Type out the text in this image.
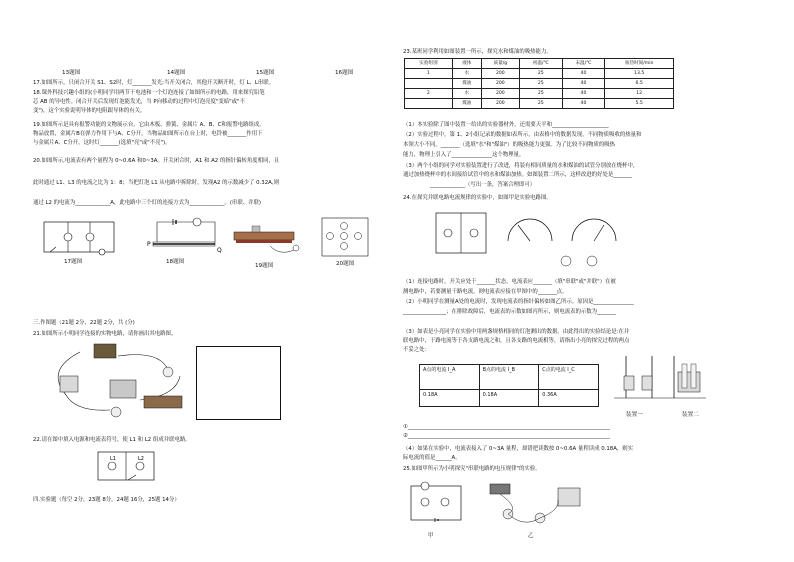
13题图	14题图	15题图	16题图
17.如图所示，只闭合开关 S1、S2时，灯_______发光;当开关闭合，其他开关断开时，灯 L、L串联。
18.课外科技兴趣小组的(小明同学用两节干电池和一个灯泡连接了如图所示的电路，用来探究铅笔
芯 AB 的导电性。闭合开关后发现灯泡能发光，当 P向移动的过程中灯泡亮度"变暗"或"不
变")，这个实验说明导体的电阻跟导体的有关。
19.如图所示是具有报警功能的文物展示台，它由木板、弹簧、金属片 A、B、C和报警电路组成。
物品放置，金属片B在弹力作用下与A、C分开，当物品如图所示在台上时，电铃被_______作用下
与金属片A、C分开，这时灯_______(选填"亮"或"不亮")。
20.如图所示,电流表有两个量程为 0~0.6A 和0~3A。开关闭合时，A1 和 A2 的指针偏转角度相同，且
此时通过 L1、L3 的电流之比为 1：8；当把灯泡 L1 从电路中拆除时，发现A2 的示数减少了 0.32A,则
通过 L2 的电流为_____________A，此电路中三个灯的连接方式为_____________。(串联、并联)
P
Q
17题图	18题图
19题图	20题图
三.作图题（21题 2分，22题 2分，共 (分)
21.如图所示小明同学连接的实物电路，请你画出其电路图。
22.请在图中填入电源和电流表符号，使 L1 和 L2 组成并联电路。
L1	L2
四.实验题（每空 2分，23题 8分，24题 16分，25题 14分）
23.某班同学利用如图装置一所示，探究水和煤油的吸热能力。
实验组别	液体	质量/g	初温/℃	末温/℃	加热时间/min
1	水	200	25	40	13.5
	煤油	200	25	40	6.5
2	水	200	25	40	12
	煤油	200	25	40	5.5
（1）本实验除了图中装置一给出的实验器材外，还需要天平和_____________________
（2）实验过程中，第 1、2小组记录的数据如表所示，由表格中的数据发现，不同物质吸收的热量和
本领大小不同。_______（选填"水"和"煤油"）的吸热能力更强。为了比较不同物质的吸热
能力，物理上引入了_______________这个物理量。
（3）两个小组的同学对实验装置进行了改进，将装有相同质量的水和煤油的试管分别放在烧杯中，
通过加热烧杯中的水间接给试管中的水和煤油加热。如图装置二所示，这样改进的好处是_______
_____________（写出一条，答案合理即可）
24.在探究并联电路电流规律的实验中，如图甲是实验电路图。
（1）连接电路时，开关应处于_______状态，电流表应_______（填"串联"或"并联"）在被
测电路中，若要测量干路电流，则电流表应接在甲图中的_______点。
（2）小明同学在测量A处的电流时，发现电流表的指针偏转如图乙所示。原因是_______________
________________；在排除故障后，电流表的示数如图丙所示，则电流表的示数为_______
（3）如表是小亮同学在实验中用两盏规格相同的灯泡测出的数据。由此得出的实验结论是:在并
联电路中，干路电流等于各支路电流之和，且各支路的电流相等，请指出小亮的探究过程的两点
不妥之处：
A点的电流 I_A	B点的电流 I_B	C点的电流 I_C
0.18A	0.18A	0.36A
装置一	装置二
①___________________________________________________________________________
②___________________________________________________________________________
（4）如果在实验中，电流表接入了 0~3A 量程，却错把读数按 0~0.6A 量程读成 0.18A，则实
际电流的值是______A。
25.如图甲所示为小明探究"串联电路的电压规律"的实验。
甲	乙
